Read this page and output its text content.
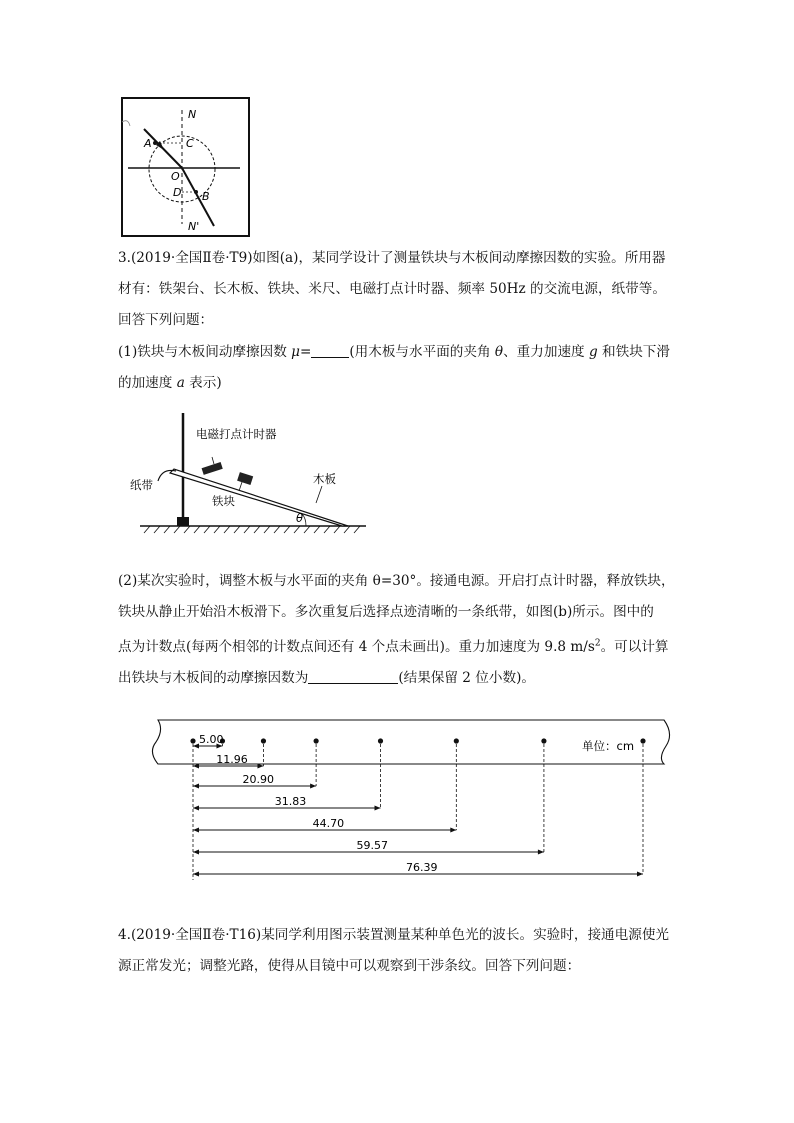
N
N'
A
B
C
D
O

3.(2019·全国Ⅱ卷·T9)如图(a)，某同学设计了测量铁块与木板间动摩擦因数的实验。所用器
材有：铁架台、长木板、铁块、米尺、电磁打点计时器、频率 50Hz 的交流电源，纸带等。
回答下列问题：

(1)铁块与木板间动摩擦因数 μ=	(用木板与水平面的夹角 θ、重力加速度 g 和铁块下滑
的加速度 a 表示)

电磁打点计时器
纸带	木板
铁块
θ

(2)某次实验时，调整木板与水平面的夹角 θ=30°。接通电源。开启打点计时器，释放铁块，
铁块从静止开始沿木板滑下。多次重复后选择点迹清晰的一条纸带，如图(b)所示。图中的
点为计数点(每两个相邻的计数点间还有 4 个点未画出)。重力加速度为 9.8 $m/s^2$。可以计算
出铁块与木板间的动摩擦因数为	(结果保留 2 位小数)。

单位：cm
5.00
11.96
20.90
31.83
44.70
59.57
76.39

4.(2019·全国Ⅱ卷·T16)某同学利用图示装置测量某种单色光的波长。实验时，接通电源使光
源正常发光；调整光路，使得从目镜中可以观察到干涉条纹。回答下列问题：
